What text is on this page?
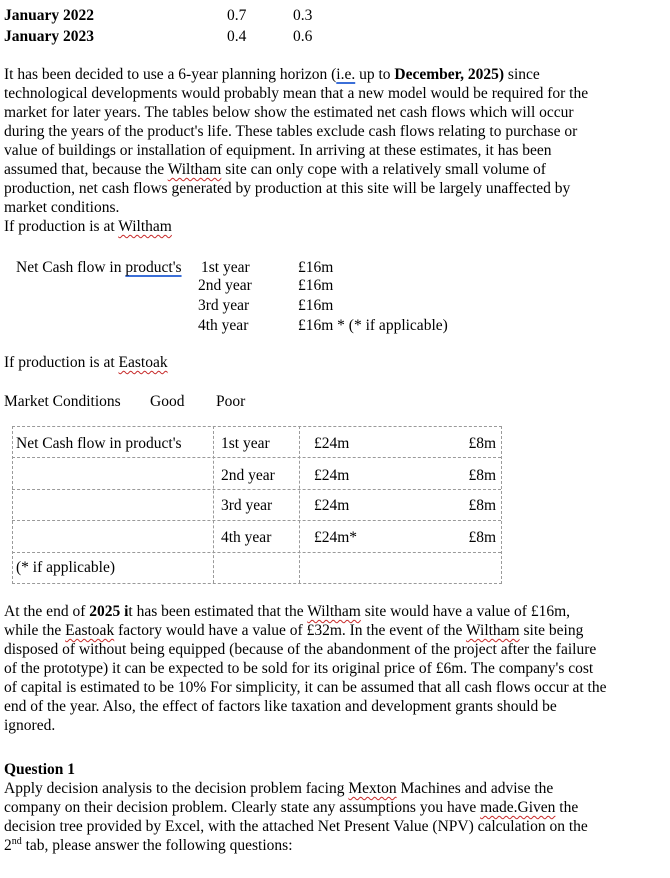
January 2022	0.7	0.3
January 2023	0.4	0.6
It has been decided to use a 6-year planning horizon (i.e. up to December, 2025) since
technological developments would probably mean that a new model would be required for the
market for later years. The tables below show the estimated net cash flows which will occur
during the years of the product's life. These tables exclude cash flows relating to purchase or
value of buildings or installation of equipment. In arriving at these estimates, it has been
assumed that, because the Wiltham site can only cope with a relatively small volume of
production, net cash flows generated by production at this site will be largely unaffected by
market conditions.
If production is at Wiltham
Net Cash flow in product's 1st year	£16m
2nd year	£16m
3rd year	£16m
4th year	£16m * (* if applicable)
If production is at Eastoak
Market Conditions Good Poor
Net Cash flow in product's	1st year	£24m	£8m
2nd year	£24m	£8m
3rd year	£24m	£8m
4th year	£24m*	£8m
(* if applicable)
At the end of 2025 it has been estimated that the Wiltham site would have a value of £16m,
while the Eastoak factory would have a value of £32m. In the event of the Wiltham site being
disposed of without being equipped (because of the abandonment of the project after the failure
of the prototype) it can be expected to be sold for its original price of £6m. The company's cost
of capital is estimated to be 10% For simplicity, it can be assumed that all cash flows occur at the
end of the year. Also, the effect of factors like taxation and development grants should be
ignored.
Question 1
Apply decision analysis to the decision problem facing Mexton Machines and advise the
company on their decision problem. Clearly state any assumptions you have made.Given the
decision tree provided by Excel, with the attached Net Present Value (NPV) calculation on the
2nd tab, please answer the following questions:
